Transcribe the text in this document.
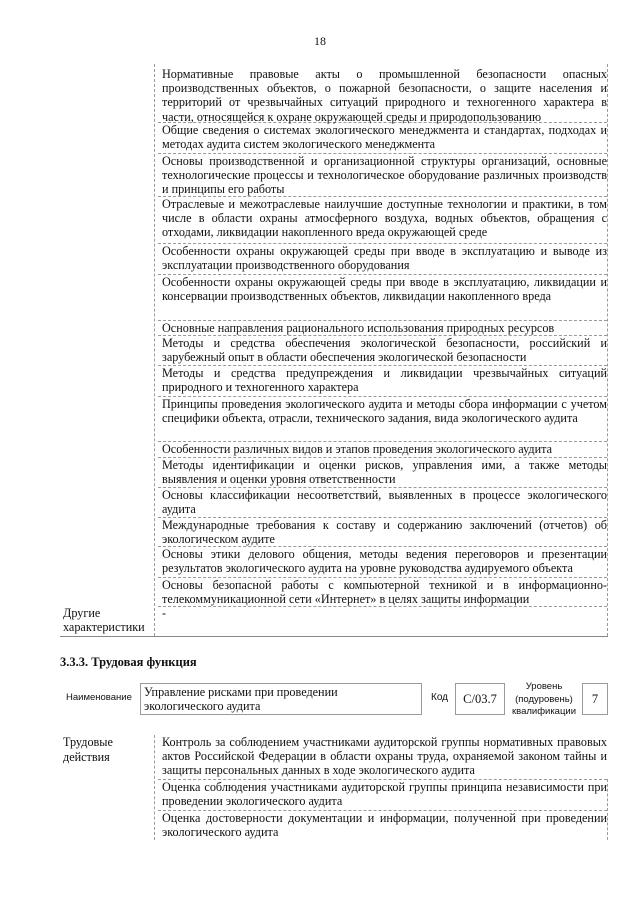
18
Нормативные правовые акты о промышленной безопасности опасных производственных объектов, о пожарной безопасности, о защите населения и территорий от чрезвычайных ситуаций природного и техногенного характера в части, относящейся к охране окружающей среды и природопользованию
Общие сведения о системах экологического менеджмента и стандартах, подходах и методах аудита систем экологического менеджмента
Основы производственной и организационной структуры организаций, основные технологические процессы и технологическое оборудование различных производств и принципы его работы
Отраслевые и межотраслевые наилучшие доступные технологии и практики, в том числе в области охраны атмосферного воздуха, водных объектов, обращения с отходами, ликвидации накопленного вреда окружающей среде
Особенности охраны окружающей среды при вводе в эксплуатацию и выводе из эксплуатации производственного оборудования
Особенности охраны окружающей среды при вводе в эксплуатацию, ликвидации и консервации производственных объектов, ликвидации накопленного вреда
Основные направления рационального использования природных ресурсов
Методы и средства обеспечения экологической безопасности, российский и зарубежный опыт в области обеспечения экологической безопасности
Методы и средства предупреждения и ликвидации чрезвычайных ситуаций природного и техногенного характера
Принципы проведения экологического аудита и методы сбора информации с учетом специфики объекта, отрасли, технического задания, вида экологического аудита
Особенности различных видов и этапов проведения экологического аудита
Методы идентификации и оценки рисков, управления ими, а также методы выявления и оценки уровня ответственности
Основы классификации несоответствий, выявленных в процессе экологического аудита
Международные требования к составу и содержанию заключений (отчетов) об экологическом аудите
Основы этики делового общения, методы ведения переговоров и презентации результатов экологического аудита на уровне руководства аудируемого объекта
Основы безопасной работы с компьютерной техникой и в информационно-телекоммуникационной сети «Интернет» в целях защиты информации
Другие характеристики
-
3.3.3. Трудовая функция
Наименование Управление рисками при проведении экологического аудита
Код	C/03.7
Уровень (подуровень) квалификации
7
Трудовые действия
Контроль за соблюдением участниками аудиторской группы нормативных правовых актов Российской Федерации в области охраны труда, охраняемой законом тайны и защиты персональных данных в ходе экологического аудита
Оценка соблюдения участниками аудиторской группы принципа независимости при проведении экологического аудита
Оценка достоверности документации и информации, полученной при проведении экологического аудита
